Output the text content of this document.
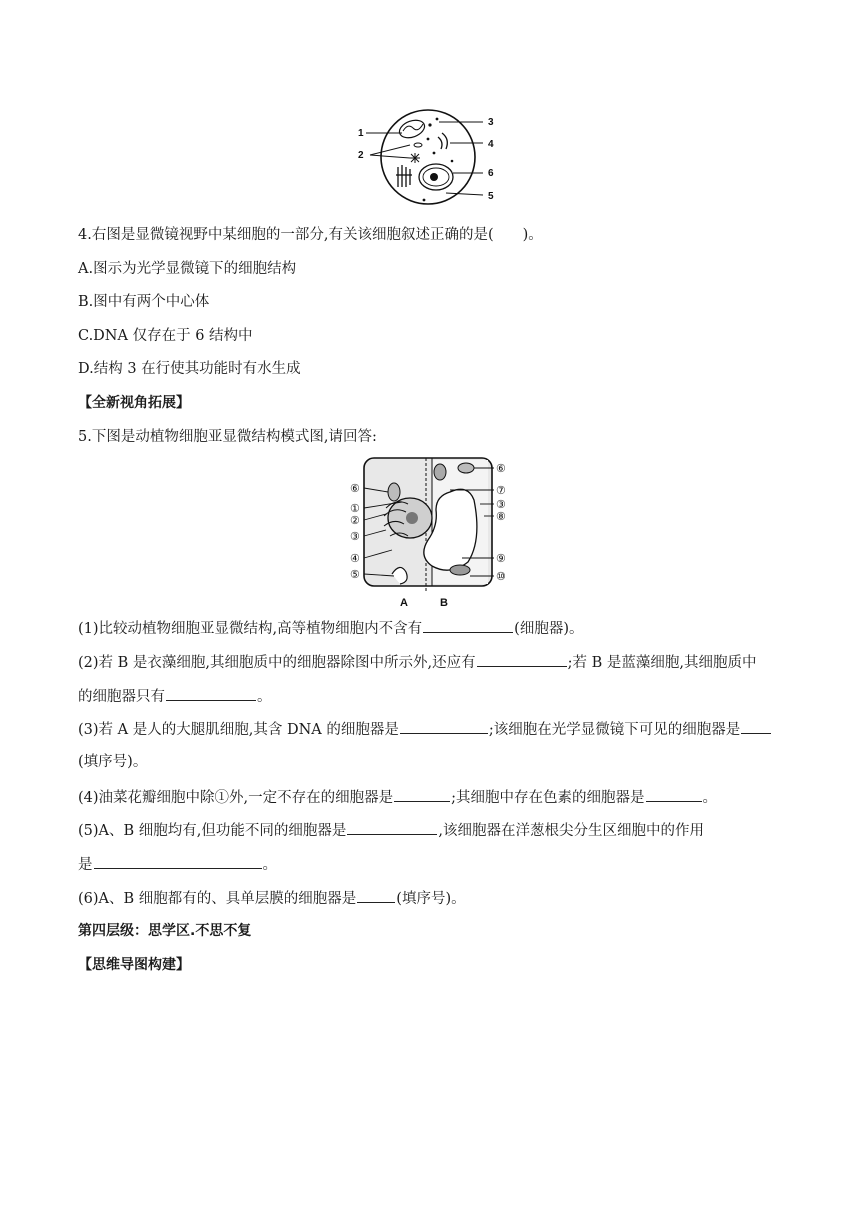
1
2
3
4
5
6
4.右图是显微镜视野中某细胞的一部分,有关该细胞叙述正确的是(　　)。
A.图示为光学显微镜下的细胞结构
B.图中有两个中心体
C.DNA 仅存在于 6 结构中
D.结构 3 在行使其功能时有水生成
【全新视角拓展】
5.下图是动植物细胞亚显微结构模式图,请回答:
⑥
①
②
③
④
⑤
⑥
⑦
③
⑧
⑨
⑩
A	B
(1)比较动植物细胞亚显微结构,高等植物细胞内不含有	(细胞器)。
(2)若 B 是衣藻细胞,其细胞质中的细胞器除图中所示外,还应有	;若 B 是蓝藻细胞,其细胞质中
的细胞器只有	。
(3)若 A 是人的大腿肌细胞,其含 DNA 的细胞器是	;该细胞在光学显微镜下可见的细胞器是
(填序号)。
(4)油菜花瓣细胞中除①外,一定不存在的细胞器是	;其细胞中存在色素的细胞器是	。
(5)A、B 细胞均有,但功能不同的细胞器是	,该细胞器在洋葱根尖分生区细胞中的作用
是	。
(6)A、B 细胞都有的、具单层膜的细胞器是	(填序号)。
第四层级：思学区.不思不复
【思维导图构建】
